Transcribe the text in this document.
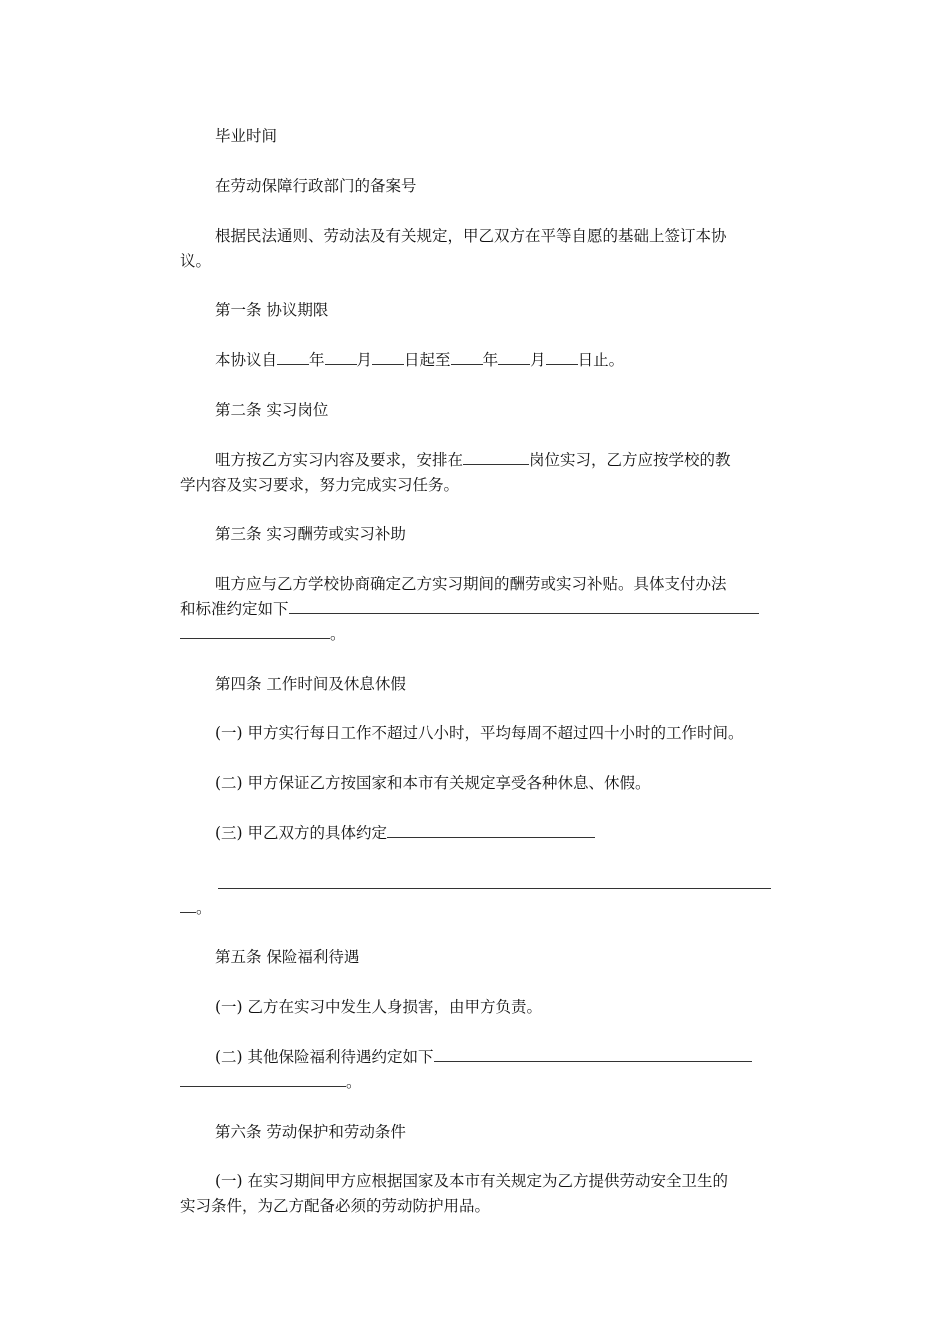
毕业时间
在劳动保障行政部门的备案号
根据民法通则、劳动法及有关规定，甲乙双方在平等自愿的基础上签订本协
议。
第一条 协议期限
本协议自 年 月 日起至 年 月 日止。
第二条 实习岗位
咀方按乙方实习内容及要求，安排在	岗位实习，乙方应按学校的教
学内容及实习要求，努力完成实习任务。
第三条 实习酬劳或实习补助
咀方应与乙方学校协商确定乙方实习期间的酬劳或实习补贴。具体支付办法
和标准约定如下
。
第四条 工作时间及休息休假
(一) 甲方实行每日工作不超过八小时，平均每周不超过四十小时的工作时间。
(二) 甲方保证乙方按国家和本市有关规定享受各种休息、休假。
(三) 甲乙双方的具体约定
。
第五条 保险福利待遇
(一) 乙方在实习中发生人身损害，由甲方负责。
(二) 其他保险福利待遇约定如下
。
第六条 劳动保护和劳动条件
(一) 在实习期间甲方应根据国家及本市有关规定为乙方提供劳动安全卫生的
实习条件，为乙方配备必须的劳动防护用品。
